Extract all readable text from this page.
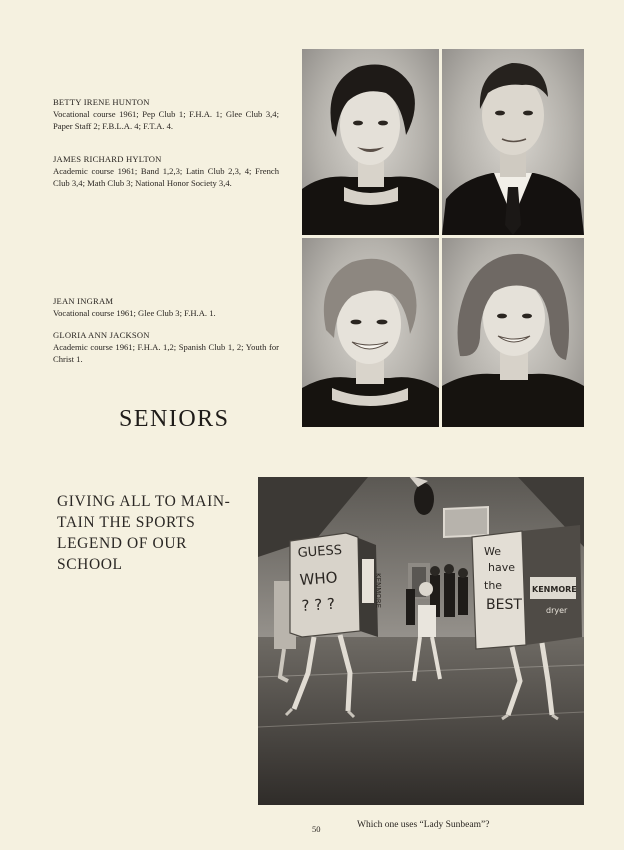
BETTY IRENE HUNTON
Vocational course 1961; Pep Club 1; F.H.A. 1; Glee Club 3,4; Paper Staff 2; F.B.L.A. 4; F.T.A. 4.
JAMES RICHARD HYLTON
Academic course 1961; Band 1,2,3; Latin Club 2,3, 4; French Club 3,4; Math Club 3; National Honor Society 3,4.
JEAN INGRAM
Vocational course 1961; Glee Club 3; F.H.A. 1.
GLORIA ANN JACKSON
Academic course 1961; F.H.A. 1,2; Spanish Club 1, 2; Youth for Christ 1.
SENIORS
GIVING ALL TO MAIN-
TAIN THE SPORTS
LEGEND OF OUR
SCHOOL
GUESS
WHO
? ? ?	KENMORE
We
have
the
BEST
KENMORE
dryer
50	Which one uses “Lady Sunbeam”?
